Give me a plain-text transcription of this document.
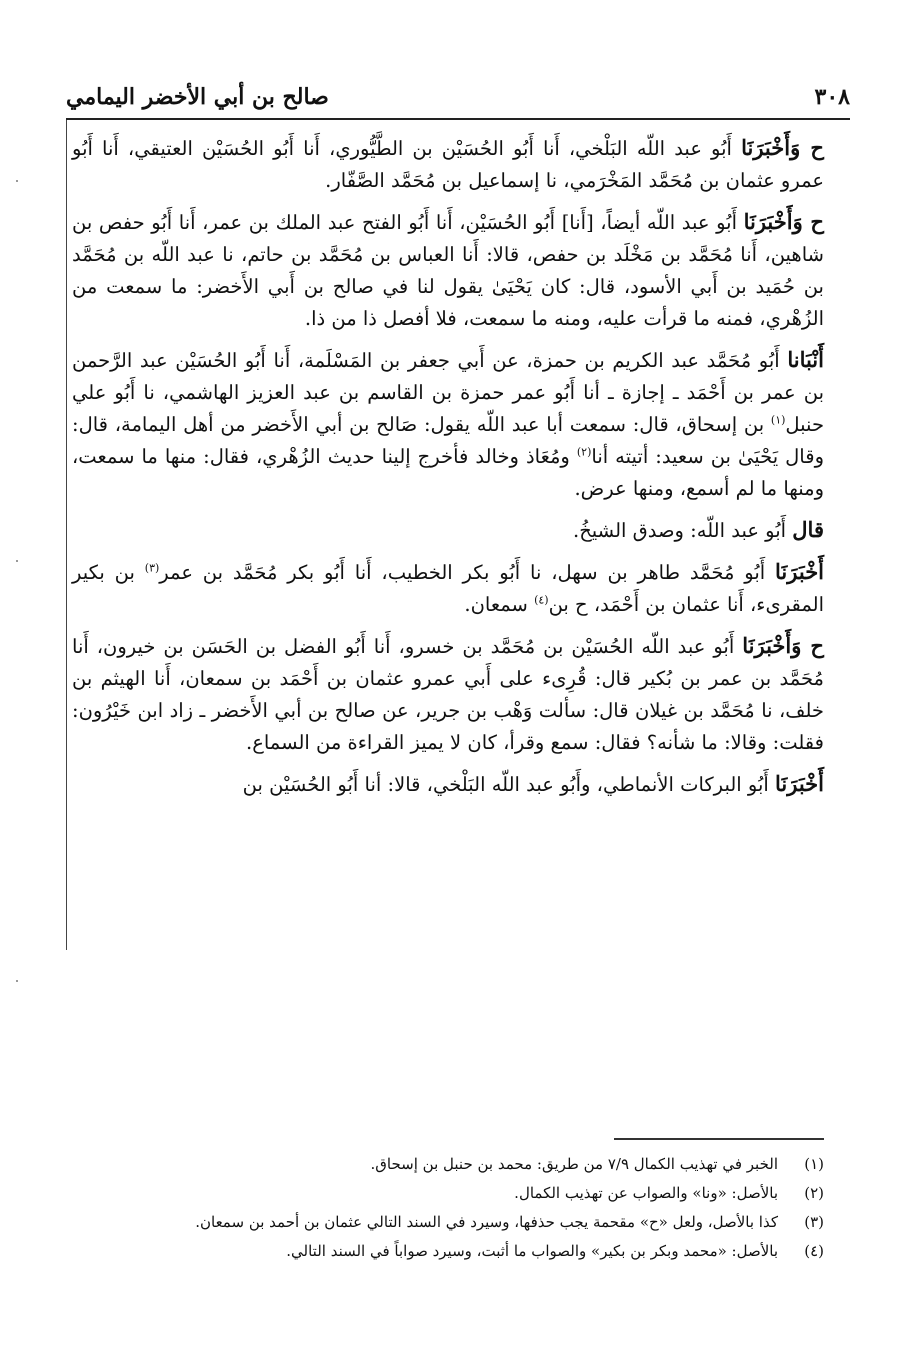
٣٠٨
صالح بن أبي الأخضر اليمامي

ح وَأَخْبَرَنَا أَبُو عبد اللّه البَلْخي، أَنا أَبُو الحُسَيْن بن الطَّيُّوري، أَنا أَبُو الحُسَيْن العتيقي، أَنا أَبُو عمرو عثمان بن مُحَمَّد المَخْرَمي، نا إسماعيل بن مُحَمَّد الصَّفّار.

ح وَأَخْبَرَنَا أَبُو عبد اللّه أيضاً، [أَنا] أَبُو الحُسَيْن، أَنا أَبُو الفتح عبد الملك بن عمر، أَنا أَبُو حفص بن شاهين، أَنا مُحَمَّد بن مَخْلَد بن حفص، قالا: أَنا العباس بن مُحَمَّد بن حاتم، نا عبد اللّه بن مُحَمَّد بن حُمَيد بن أَبي الأسود، قال: كان يَحْيَىٰ يقول لنا في صالح بن أَبي الأَخضر: ما سمعت من الزُهْري، فمنه ما قرأت عليه، ومنه ما سمعت، فلا أفصل ذا من ذا.

أَنْبَانا أَبُو مُحَمَّد عبد الكريم بن حمزة، عن أَبي جعفر بن المَسْلَمة، أَنا أَبُو الحُسَيْن عبد الرَّحمن بن عمر بن أَحْمَد ـ إجازة ـ أنا أَبُو عمر حمزة بن القاسم بن عبد العزيز الهاشمي، نا أَبُو علي حنبل$^{(١)}$ بن إسحاق، قال: سمعت أبا عبد اللّه يقول: صَالح بن أبي الأَخضر من أهل اليمامة، قال: وقال يَحْيَىٰ بن سعيد: أتيته أنا$^{(٢)}$ ومُعَاذ وخالد فأخرج إلينا حديث الزُهْري، فقال: منها ما سمعت، ومنها ما لم أسمع، ومنها عرض.

قال أَبُو عبد اللّه: وصدق الشيخُ.

أَخْبَرَنَا أَبُو مُحَمَّد طاهر بن سهل، نا أَبُو بكر الخطيب، أَنا أَبُو بكر مُحَمَّد بن عمر$^{(٣)}$ بن بكير المقرىء، أَنا عثمان بن أَحْمَد، ح بن$^{(٤)}$ سمعان.

ح وَأَخْبَرَنَا أَبُو عبد اللّه الحُسَيْن بن مُحَمَّد بن خسرو، أَنا أَبُو الفضل بن الحَسَن بن خيرون، أَنا مُحَمَّد بن عمر بن بُكير قال: قُرِىء على أَبي عمرو عثمان بن أَحْمَد بن سمعان، أَنا الهيثم بن خلف، نا مُحَمَّد بن غيلان قال: سألت وَهْب بن جرير، عن صالح بن أبي الأَخضر ـ زاد ابن خَيْرُون: فقلت: وقالا: ما شأنه؟ فقال: سمع وقرأ، كان لا يميز القراءة من السماع.

أَخْبَرَنَا أَبُو البركات الأنماطي، وأَبُو عبد اللّه البَلْخي، قالا: أنا أَبُو الحُسَيْن بن

(١)
الخبر في تهذيب الكمال ٧/٩ من طريق: محمد بن حنبل بن إسحاق.
(٢)
بالأصل: «ونا» والصواب عن تهذيب الكمال.
(٣)
كذا بالأصل، ولعل «ح» مقحمة يجب حذفها، وسيرد في السند التالي عثمان بن أحمد بن سمعان.
(٤)
بالأصل: «محمد وبكر بن بكير» والصواب ما أثبت، وسيرد صواباً في السند التالي.
